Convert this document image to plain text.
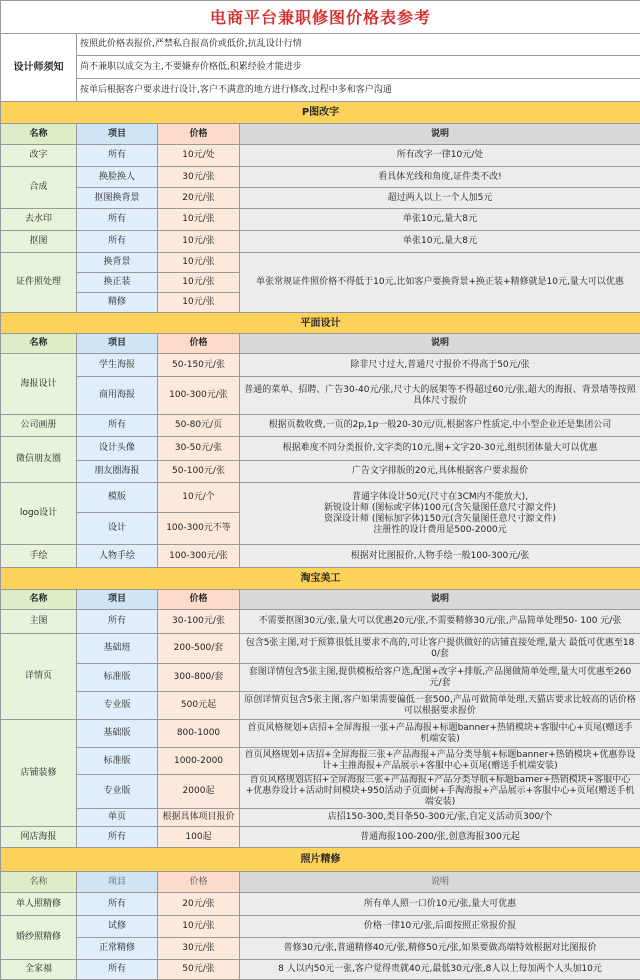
电商平台兼职修图价格表参考			
设计师须知	按照此价格表报价,严禁私自报高价或低价,抗乱设计行情		
	尚不兼职以成交为主,不要嫌弃价格低,积累经验才能进步		
	按单后根据客户要求进行设计,客户不满意的地方进行修改,过程中多和客户沟通		
P图改字			
名称	项目	价格	说明
改字	所有	10元/处	所有改字一律10元/处
合成	换脸换人	30元/张	看具体光线和角度,证件类不改!
	抠图换背景	20元/张	超过两人以上一个人加5元
去水印	所有	10元/张	单张10元,量大8元
抠图	所有	10元/张	单张10元,量大8元
证件照处理	换背景	10元/张	单张常规证件照价格不得低于10元,比如客户要换背景+换正装+精修就是10元,量大可以优惠
	换正装	10元/张	
	精修	10元/张	
平面设计			
名称	项目	价格	说明
海报设计	学生海报	50-150元/张	除非尺寸过大,普通尺寸报价不得高于50元/张
	商用海报	100-300元/张	普通的菜单、招聘、广告30-40元/张,尺寸大的展架等不得超过60元/张,超大的海报、背景墙等按照具体尺寸报价
公司画册	所有	50-80元/页	根据页数收费,一页的2p,1p一般20-30元/页,根据客户性质定,中小型企业还是集团公司
微信朋友圈	设计头像	30-50元/张	根据难度不同分类报价,文字类的10元,图+文字20-30元,组织团体量大可以优惠
	朋友圈海报	50-100元/张	广告文字排版的20元,具体根据客户要求报价
logo设计	模版	10元/个	普通字体设计50元(尺寸在3CM内不能放大),
新锐设计师 (图标或字体)100元(含矢量图任意尺寸源文件)
资深设计师 (图标加字体)150元(含矢量图任意尺寸源文件)
注册性的设计费用是500-2000元

	设计	100-300元不等	
手绘	人物手绘	100-300元/张	根据对比图报价,人物手绘一般100-300元/张
淘宝美工			
名称	项目	价格	说明
主图	所有	30-100元/张	不需要抠图30元/张,量大可以优惠20元/张,不需要精修30元/张,产品简单处理50- 100 元/张
详情页	基础班	200-500/套	包含5张主图,对于预算很低且要求不高的,可让客户提供做好的店铺直接处理,量大 最低可优惠至180/套
	标准版	300-800/套	套图详情包含5张主图,提供模板给客户选,配图+改字+排版,产品图做简单处理,量大可优惠至260元/套
	专业版	500元起	原创详情页包含5张主图,客户如果需要偏低一套500,产品可做简单处理,天猫店要求比较高的话价格可以根据要求报价
店铺装修	基础版	800-1000	首页风格规划+店招+全屏海报一张+产品海报+标题banner+热销模块+客服中心+页尾(赠送手机端安装)
	标准版	1000-2000	首页风格规划+店招+全屏海报三张+产品海报+产品分类导航+标题banner+热销模块+优惠券设计+主推海报+产品展示+客服中心+页尾(赠送手机端安装)
	专业版	2000起	首页风格规划店招+全屏海报三张+产品海报+产品分类导航+标题bamer+热销模块+客服中心+优惠券设计+活动时间模块+950活动子页面树+手淘海报+产品展示+客服中心+页尾(赠送手机端安装)
	单页	根据具体项目报价	店招150-300,类目条50-300元/张,自定义活动页300/个
网店海报	所有	100起	普通海报100-200/张,创意海报300元起
照片精修			
名称	项目	价格	说明
单人照精修	所有	20元/张	所有单人照一口价10元/张,量大可优惠
婚纱照精修	试修	10元/张	价格一律10元/张,后面按照正常报价报
	正常精修	30元/张	普修30元/张,普通精修40元/张,精修50元/张,如果要做高端特效根据对比图报价
全家福	所有	50元/张	8 人以内50元一张,客户觉得贵就40元,最低30元/张,8人以上每加两个人头加10元
